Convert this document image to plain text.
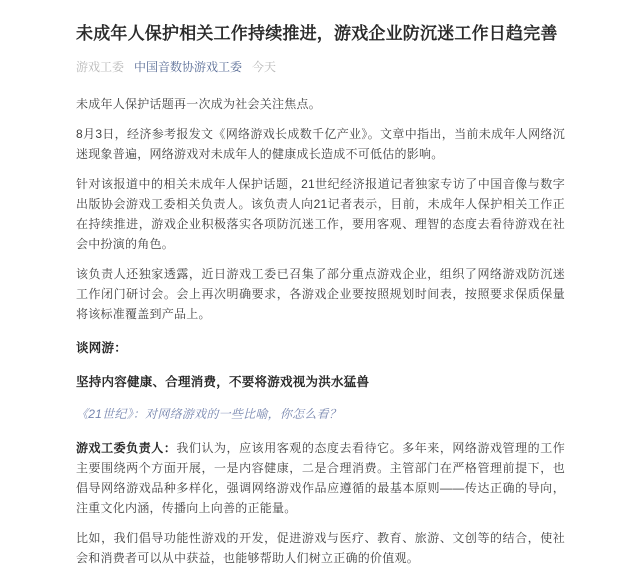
未成年人保护相关工作持续推进，游戏企业防沉迷工作日趋完善
游戏工委 中国音数协游戏工委 今天

未成年人保护话题再一次成为社会关注焦点。

8月3日，经济参考报发文《网络游戏长成数千亿产业》。文章中指出，当前未成年人网络沉迷现象普遍，网络游戏对未成年人的健康成长造成不可低估的影响。

针对该报道中的相关未成年人保护话题，21世纪经济报道记者独家专访了中国音像与数字出版协会游戏工委相关负责人。该负责人向21记者表示，目前，未成年人保护相关工作正在持续推进，游戏企业积极落实各项防沉迷工作，要用客观、理智的态度去看待游戏在社会中扮演的角色。

该负责人还独家透露，近日游戏工委已召集了部分重点游戏企业，组织了网络游戏防沉迷工作闭门研讨会。会上再次明确要求，各游戏企业要按照规划时间表，按照要求保质保量将该标准覆盖到产品上。

谈网游：

坚持内容健康、合理消费，不要将游戏视为洪水猛兽

《21世纪》：对网络游戏的一些比喻，你怎么看？

游戏工委负责人：我们认为，应该用客观的态度去看待它。多年来，网络游戏管理的工作主要围绕两个方面开展，一是内容健康，二是合理消费。主管部门在严格管理前提下，也倡导网络游戏品种多样化，强调网络游戏作品应遵循的最基本原则——传达正确的导向，注重文化内涵，传播向上向善的正能量。

比如，我们倡导功能性游戏的开发，促进游戏与医疗、教育、旅游、文创等的结合，使社会和消费者可以从中获益，也能够帮助人们树立正确的价值观。
